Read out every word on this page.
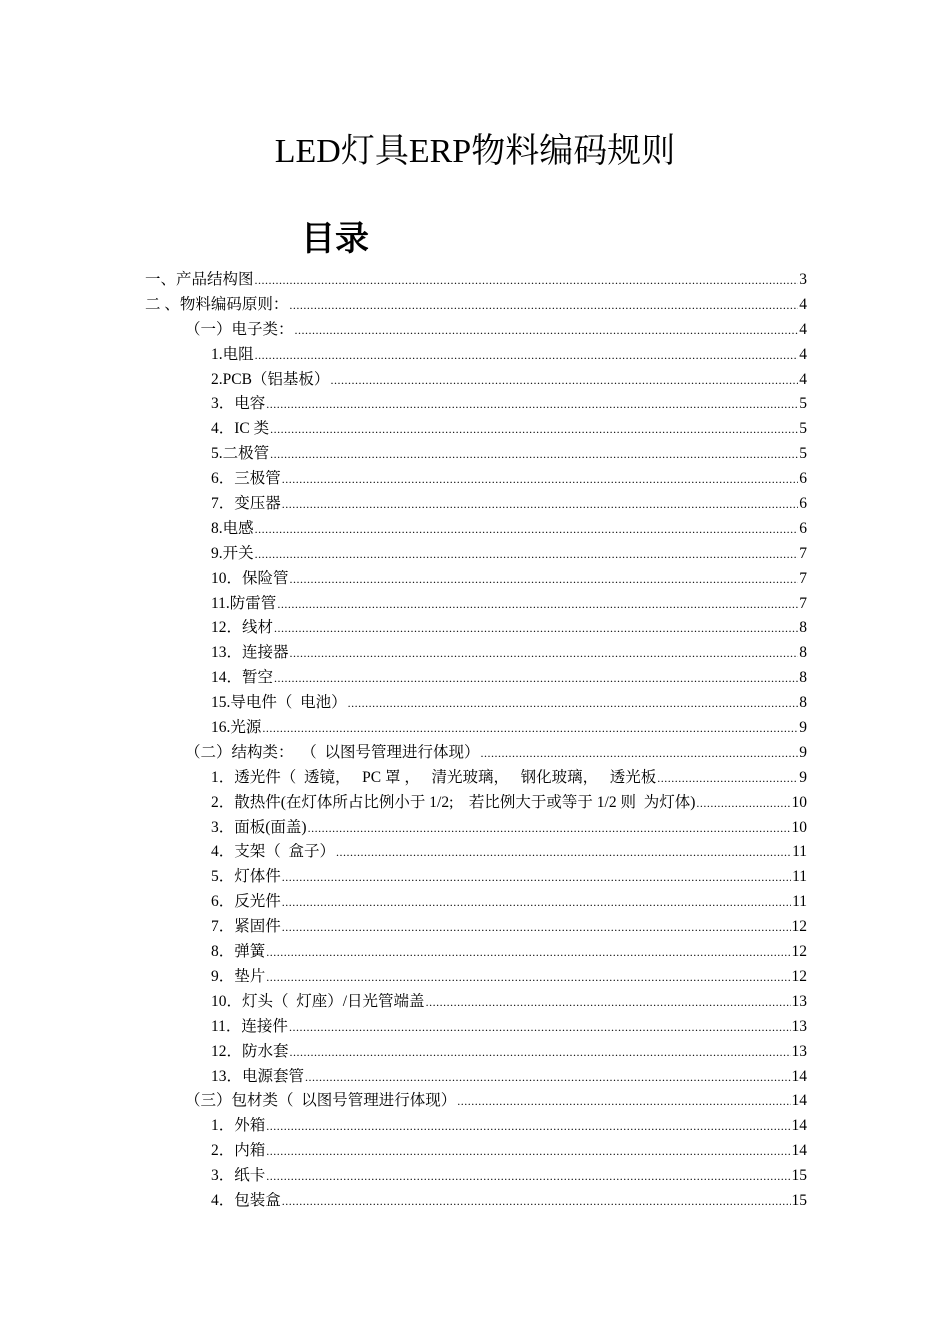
LED灯具ERP物料编码规则
目录
一、产品结构图 .....	3
二 、物料编码原则： .....	4
（一）电子类： .....	4
1.电阻 .....	4
2.PCB（铝基板） .....	4
3．电容 .....	5
4．IC 类 .....	5
5.二极管 .....	5
6．三极管 .....	6
7．变压器 .....	6
8.电感 .....	6
9.开关 .....	7
10．保险管 .....	7
11.防雷管 .....	7
12．线材 .....	8
13．连接器 .....	8
14．暂空 .....	8
15.导电件（  电池） .....	8
16.光源 .....	9
（二）结构类：  （  以图号管理进行体现） .....	9
1．透光件（  透镜，   PC 罩 ，   清光玻璃，   钢化玻璃，   透光板 .....	9
2．散热件(在灯体所占比例小于 1/2;    若比例大于或等于 1/2 则  为灯体) .....	10
3．面板(面盖) .....	10
4．支架（  盒子） .....	11
5．灯体件 .....	11
6．反光件 .....	11
7．紧固件 .....	12
8．弹簧 .....	12
9．垫片 .....	12
10．灯头（  灯座）/日光管端盖 .....	13
11．连接件 .....	13
12．防水套 .....	13
13．电源套管 .....	14
（三）包材类（  以图号管理进行体现） .....	14
1．外箱 .....	14
2．内箱 .....	14
3．纸卡 .....	15
4．包装盒 .....	15
